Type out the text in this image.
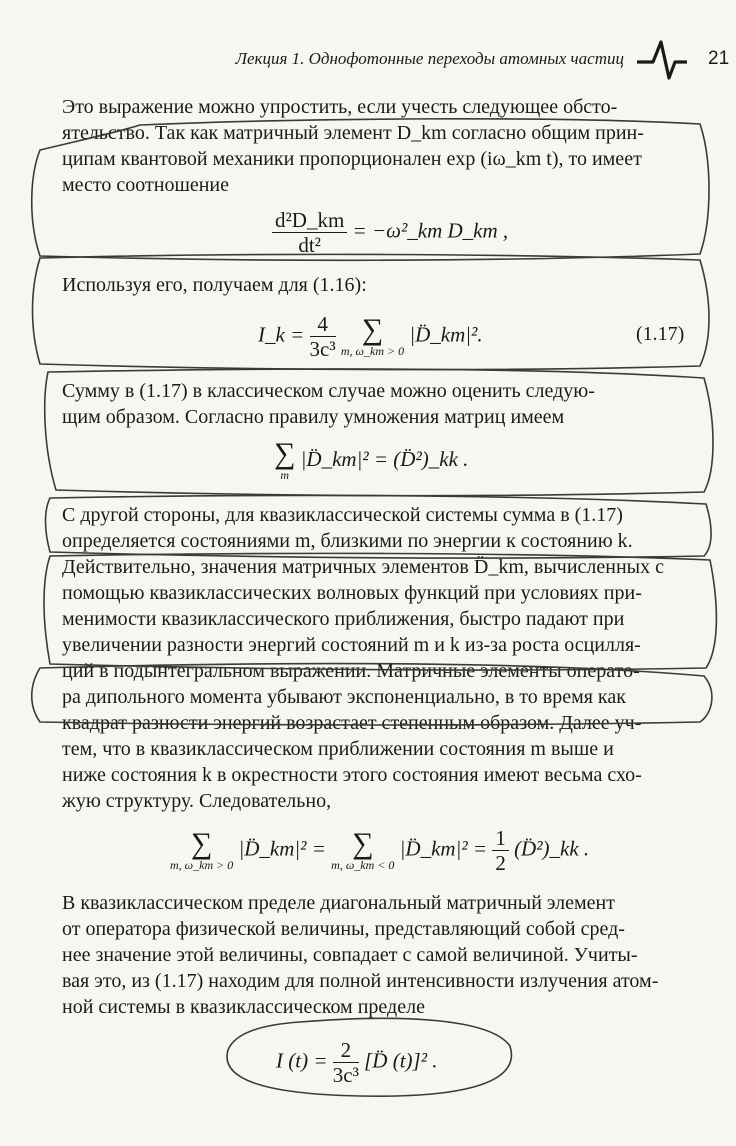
Лекция 1. Однофотонные переходы атомных частиц	21
Это выражение можно упростить, если учесть следующее обсто-
ятельство. Так как матричный элемент D_km согласно общим прин-
ципам квантовой механики пропорционален exp (iω_km t), то имеет
место соотношение
$\frac{\text{d²D\_km}}{\text{dt²}}$ = −ω²_km D_km ,
Используя его, получаем для (1.16):
I_k = $\frac{4}{\text{3c³}}$
∑
m, ω_km > 0
|D̈_km|².	(1.17)
Сумму в (1.17) в классическом случае можно оценить следую-
щим образом. Согласно правилу умножения матриц имеем
∑
m
|D̈_km|² = (D̈²)_kk .
С другой стороны, для квазиклассической системы сумма в (1.17)
определяется состояниями m, близкими по энергии к состоянию k.
Действительно, значения матричных элементов D̈_km, вычисленных с
помощью квазиклассических волновых функций при условиях при-
менимости квазиклассического приближения, быстро падают при
увеличении разности энергий состояний m и k из-за роста осцилля-
ций в подынтегральном выражении. Матричные элементы операто-
ра дипольного момента убывают экспоненциально, в то время как
квадрат разности энергий возрастает степенным образом. Далее уч-
тем, что в квазиклассическом приближении состояния m выше и
ниже состояния k в окрестности этого состояния имеют весьма схо-
жую структуру. Следовательно,
∑
m, ω_km > 0
|D̈_km|² = ∑
m, ω_km < 0
|D̈_km|² = $\frac{1}{2}$ (D̈²)_kk .
В квазиклассическом пределе диагональный матричный элемент
от оператора физической величины, представляющий собой сред-
нее значение этой величины, совпадает с самой величиной. Учиты-
вая это, из (1.17) находим для полной интенсивности излучения атом-
ной системы в квазиклассическом пределе
I $(t) = \frac{2}{\text{3c³}}$ [D̈ (t)]² .
